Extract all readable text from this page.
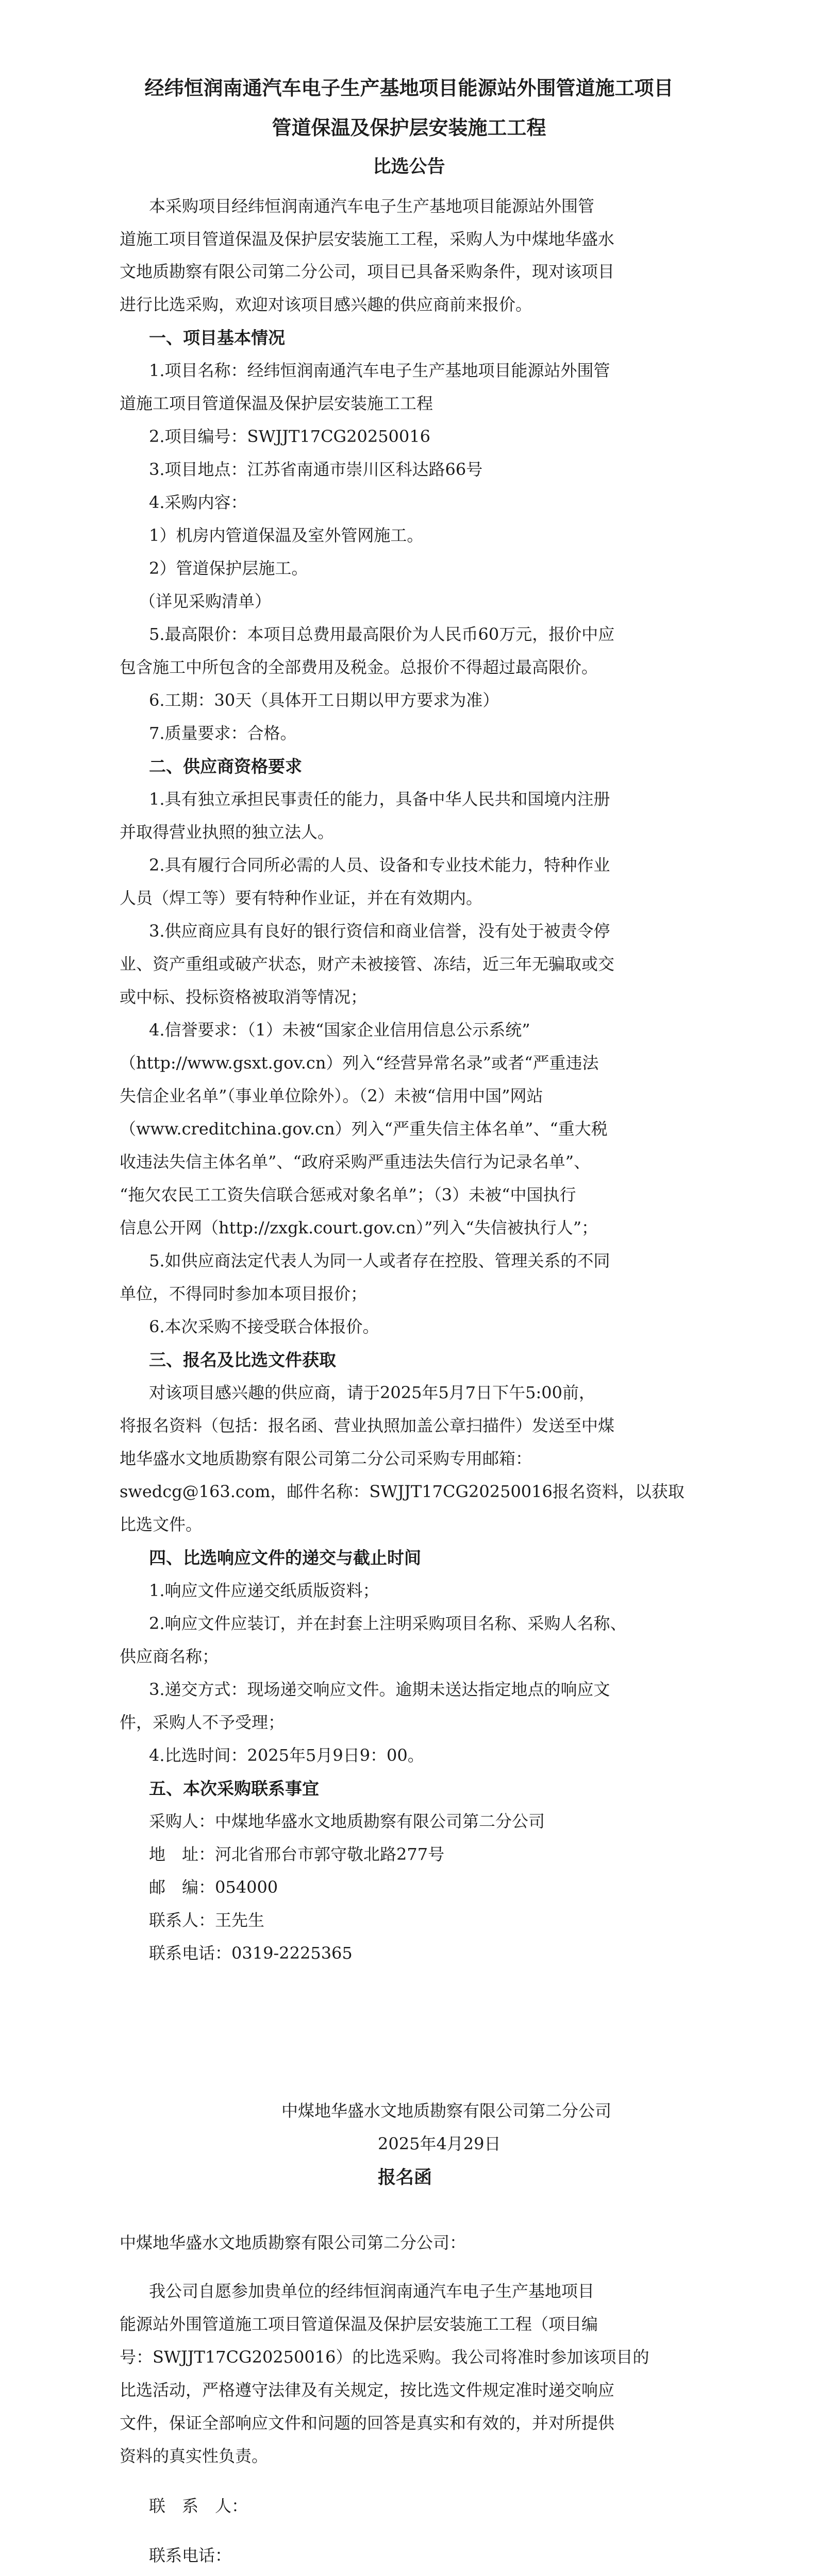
经纬恒润南通汽车电子生产基地项目能源站外围管道施工项目
管道保温及保护层安装施工工程
比选公告
本采购项目经纬恒润南通汽车电子生产基地项目能源站外围管
道施工项目管道保温及保护层安装施工工程，采购人为中煤地华盛水
文地质勘察有限公司第二分公司，项目已具备采购条件，现对该项目
进行比选采购，欢迎对该项目感兴趣的供应商前来报价。
一、项目基本情况
1.项目名称：经纬恒润南通汽车电子生产基地项目能源站外围管
道施工项目管道保温及保护层安装施工工程
2.项目编号：SWJJT17CG20250016
3.项目地点：江苏省南通市崇川区科达路66号
4.采购内容：
1）机房内管道保温及室外管网施工。
2）管道保护层施工。
（详见采购清单）
5.最高限价：本项目总费用最高限价为人民币60万元，报价中应
包含施工中所包含的全部费用及税金。总报价不得超过最高限价。
6.工期：30天（具体开工日期以甲方要求为准）
7.质量要求：合格。
二、供应商资格要求
1.具有独立承担民事责任的能力，具备中华人民共和国境内注册
并取得营业执照的独立法人。
2.具有履行合同所必需的人员、设备和专业技术能力，特种作业
人员（焊工等）要有特种作业证，并在有效期内。
3.供应商应具有良好的银行资信和商业信誉，没有处于被责令停
业、资产重组或破产状态，财产未被接管、冻结，近三年无骗取或交
或中标、投标资格被取消等情况；
4.信誉要求：（1）未被“国家企业信用信息公示系统”
（http://www.gsxt.gov.cn）列入“经营异常名录”或者“严重违法
失信企业名单”（事业单位除外）。（2）未被“信用中国”网站
（www.creditchina.gov.cn）列入“严重失信主体名单”、“重大税
收违法失信主体名单”、“政府采购严重违法失信行为记录名单”、
“拖欠农民工工资失信联合惩戒对象名单”；（3）未被“中国执行
信息公开网（http://zxgk.court.gov.cn）”列入“失信被执行人”；
5.如供应商法定代表人为同一人或者存在控股、管理关系的不同
单位，不得同时参加本项目报价；
6.本次采购不接受联合体报价。
三、报名及比选文件获取
对该项目感兴趣的供应商，请于2025年5月7日下午5:00前，
将报名资料（包括：报名函、营业执照加盖公章扫描件）发送至中煤
地华盛水文地质勘察有限公司第二分公司采购专用邮箱：
swedcg@163.com，邮件名称：SWJJT17CG20250016报名资料，以获取
比选文件。
四、比选响应文件的递交与截止时间
1.响应文件应递交纸质版资料；
2.响应文件应装订，并在封套上注明采购项目名称、采购人名称、
供应商名称；
3.递交方式：现场递交响应文件。逾期未送达指定地点的响应文
件，采购人不予受理；
4.比选时间：2025年5月9日9：00。
五、本次采购联系事宜
采购人：中煤地华盛水文地质勘察有限公司第二分公司
地　址：河北省邢台市郭守敬北路277号
邮　编：054000
联系人：王先生
联系电话：0319-2225365
中煤地华盛水文地质勘察有限公司第二分公司
2025年4月29日
报名函
中煤地华盛水文地质勘察有限公司第二分公司：
我公司自愿参加贵单位的经纬恒润南通汽车电子生产基地项目
能源站外围管道施工项目管道保温及保护层安装施工工程（项目编
号：SWJJT17CG20250016）的比选采购。我公司将准时参加该项目的
比选活动，严格遵守法律及有关规定，按比选文件规定准时递交响应
文件，保证全部响应文件和问题的回答是真实和有效的，并对所提供
资料的真实性负责。
联　系　人：
联系电话：
